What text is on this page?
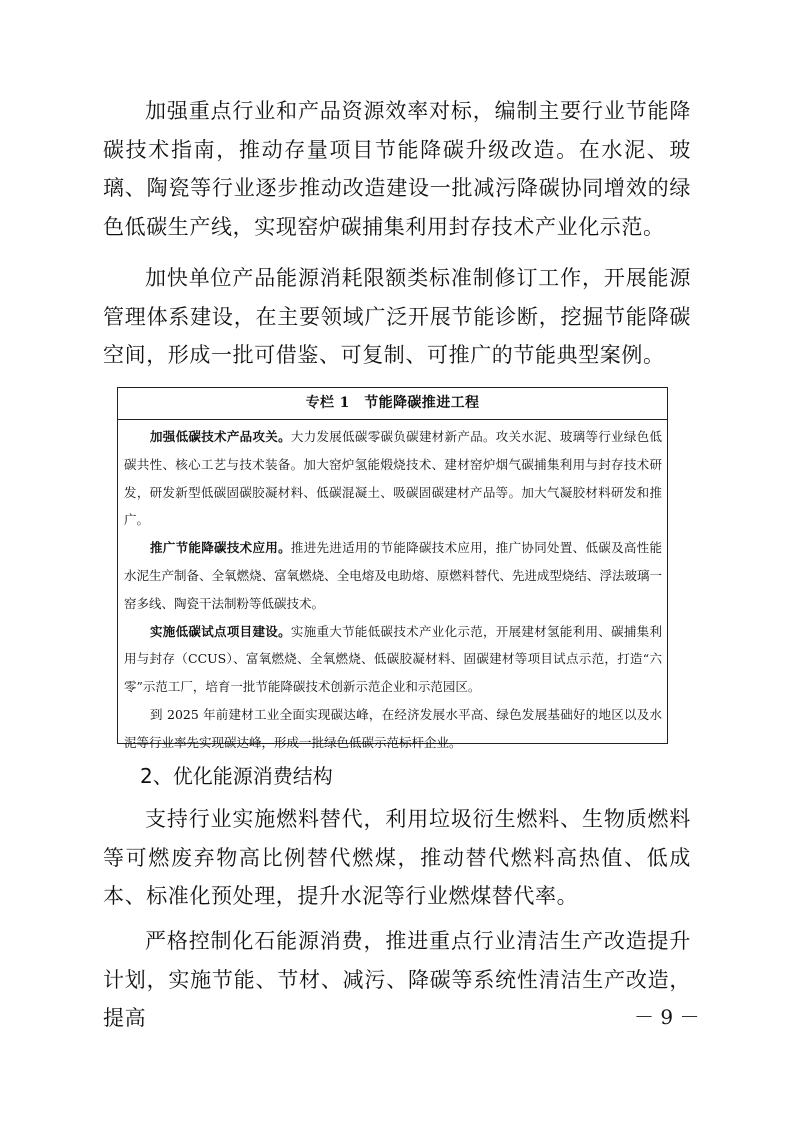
加强重点行业和产品资源效率对标，编制主要行业节能降碳技术指南，推动存量项目节能降碳升级改造。在水泥、玻璃、陶瓷等行业逐步推动改造建设一批减污降碳协同增效的绿色低碳生产线，实现窑炉碳捕集利用封存技术产业化示范。

加快单位产品能源消耗限额类标准制修订工作，开展能源管理体系建设，在主要领域广泛开展节能诊断，挖掘节能降碳空间，形成一批可借鉴、可复制、可推广的节能典型案例。

专栏 1　节能降碳推进工程

加强低碳技术产品攻关。大力发展低碳零碳负碳建材新产品。攻关水泥、玻璃等行业绿色低碳共性、核心工艺与技术装备。加大窑炉氢能煅烧技术、建材窑炉烟气碳捕集利用与封存技术研发，研发新型低碳固碳胶凝材料、低碳混凝土、吸碳固碳建材产品等。加大气凝胶材料研发和推广。

推广节能降碳技术应用。推进先进适用的节能降碳技术应用，推广协同处置、低碳及高性能水泥生产制备、全氧燃烧、富氧燃烧、全电熔及电助熔、原燃料替代、先进成型烧结、浮法玻璃一窑多线、陶瓷干法制粉等低碳技术。

实施低碳试点项目建设。实施重大节能低碳技术产业化示范，开展建材氢能利用、碳捕集利用与封存（CCUS）、富氧燃烧、全氧燃烧、低碳胶凝材料、固碳建材等项目试点示范，打造“六零”示范工厂，培育一批节能降碳技术创新示范企业和示范园区。

到 2025 年前建材工业全面实现碳达峰，在经济发展水平高、绿色发展基础好的地区以及水泥等行业率先实现碳达峰，形成一批绿色低碳示范标杆企业。

2、优化能源消费结构

支持行业实施燃料替代，利用垃圾衍生燃料、生物质燃料等可燃废弃物高比例替代燃煤，推动替代燃料高热值、低成本、标准化预处理，提升水泥等行业燃煤替代率。

严格控制化石能源消费，推进重点行业清洁生产改造提升计划，实施节能、节材、减污、降碳等系统性清洁生产改造，提高	－ 9 －
